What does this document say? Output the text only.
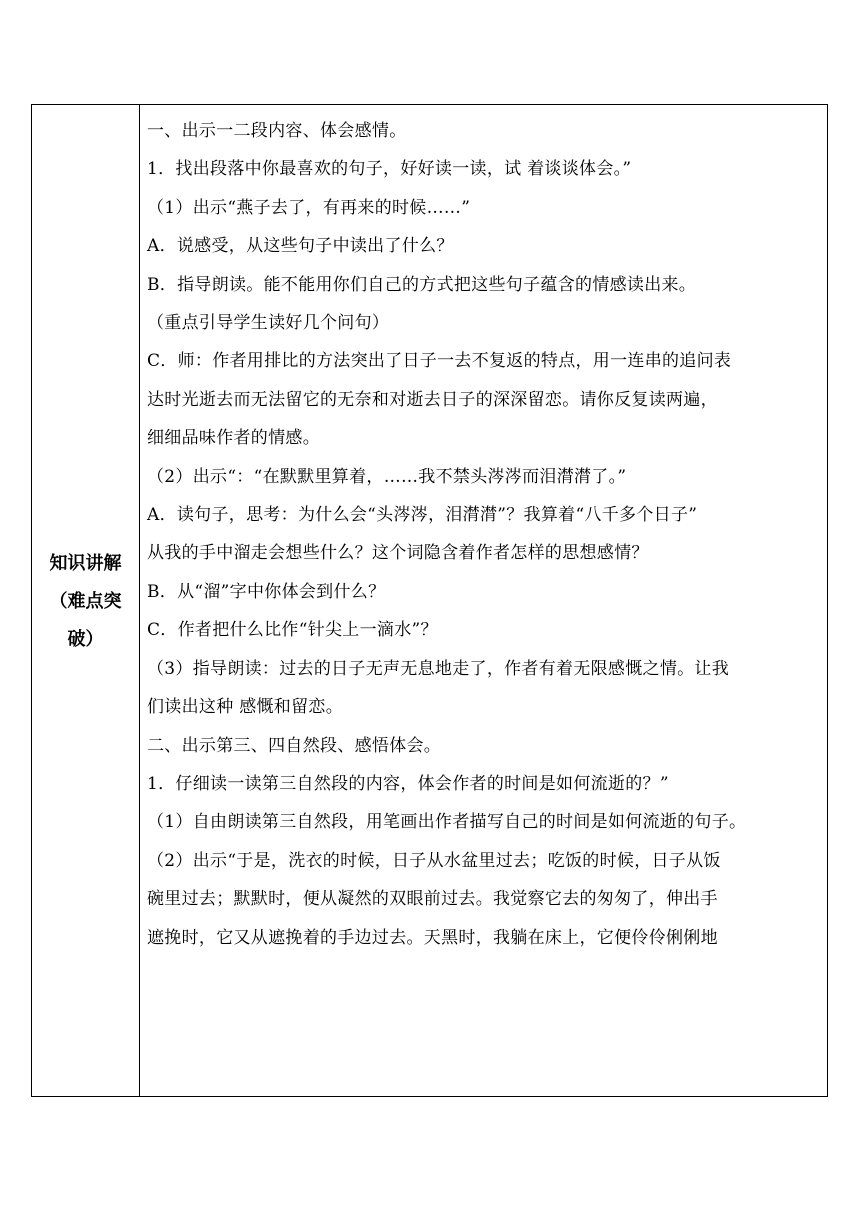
知识讲解
（难点突
破）
一、出示一二段内容、体会感情。
1．找出段落中你最喜欢的句子，好好读一读，试 着谈谈体会。”
（1）出示“燕子去了，有再来的时候……”
A．说感受，从这些句子中读出了什么？
B．指导朗读。能不能用你们自己的方式把这些句子蕴含的情感读出来。
（重点引导学生读好几个问句）
C．师：作者用排比的方法突出了日子一去不复返的特点，用一连串的追问表
达时光逝去而无法留它的无奈和对逝去日子的深深留恋。请你反复读两遍，
细细品味作者的情感。
（2）出示“：“在默默里算着，……我不禁头涔涔而泪潸潸了。”
A．读句子，思考：为什么会“头涔涔，泪潸潸”？我算着“八千多个日子”
从我的手中溜走会想些什么？这个词隐含着作者怎样的思想感情？
B．从“溜”字中你体会到什么？
C．作者把什么比作“针尖上一滴水”？
（3）指导朗读：过去的日子无声无息地走了，作者有着无限感慨之情。让我
们读出这种 感慨和留恋。
二、出示第三、四自然段、感悟体会。
1．仔细读一读第三自然段的内容，体会作者的时间是如何流逝的？”
（1）自由朗读第三自然段，用笔画出作者描写自己的时间是如何流逝的句子。
（2）出示“于是，洗衣的时候，日子从水盆里过去；吃饭的时候，日子从饭
碗里过去；默默时，便从凝然的双眼前过去。我觉察它去的匆匆了，伸出手
遮挽时，它又从遮挽着的手边过去。天黑时，我躺在床上，它便伶伶俐俐地
